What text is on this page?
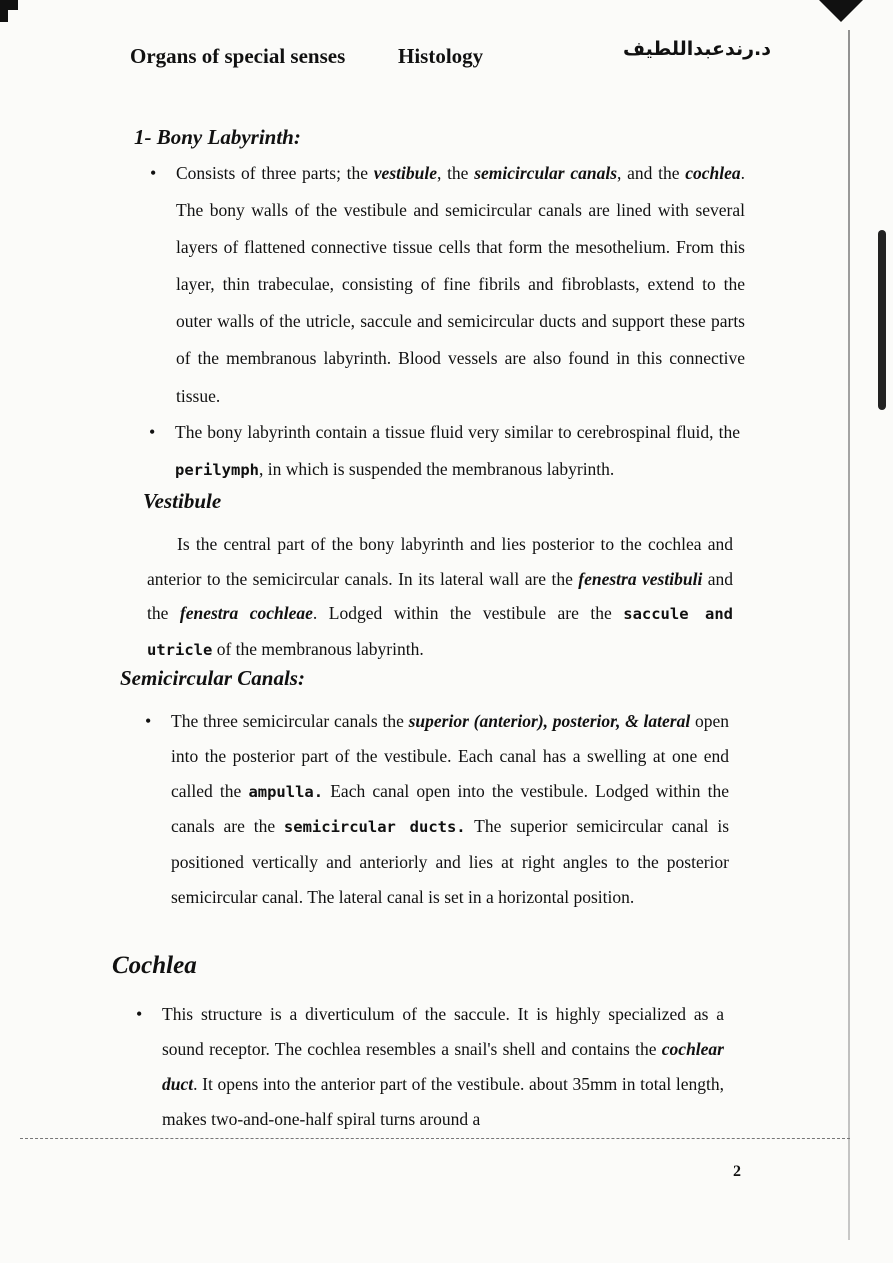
Organs of special senses	Histology	د.رندعبداللطيف
1- Bony Labyrinth:
• Consists of three parts; the vestibule, the semicircular canals, and the cochlea. The bony walls of the vestibule and semicircular canals are lined with several layers of flattened connective tissue cells that form the mesothelium. From this layer, thin trabeculae, consisting of fine fibrils and fibroblasts, extend to the outer walls of the utricle, saccule and semicircular ducts and support these parts of the membranous labyrinth. Blood vessels are also found in this connective tissue.
• The bony labyrinth contain a tissue fluid very similar to cerebrospinal fluid, the perilymph, in which is suspended the membranous labyrinth.
Vestibule
Is the central part of the bony labyrinth and lies posterior to the cochlea and anterior to the semicircular canals. In its lateral wall are the fenestra vestibuli and the fenestra cochleae. Lodged within the vestibule are the saccule and utricle of the membranous labyrinth.
Semicircular Canals:
• The three semicircular canals the superior (anterior), posterior, & lateral open into the posterior part of the vestibule. Each canal has a swelling at one end called the ampulla. Each canal open into the vestibule. Lodged within the canals are the semicircular ducts. The superior semicircular canal is positioned vertically and anteriorly and lies at right angles to the posterior semicircular canal. The lateral canal is set in a horizontal position.
Cochlea
• This structure is a diverticulum of the saccule. It is highly specialized as a sound receptor. The cochlea resembles a snail's shell and contains the cochlear duct. It opens into the anterior part of the vestibule. about 35mm in total length, makes two-and-one-half spiral turns around a
2
